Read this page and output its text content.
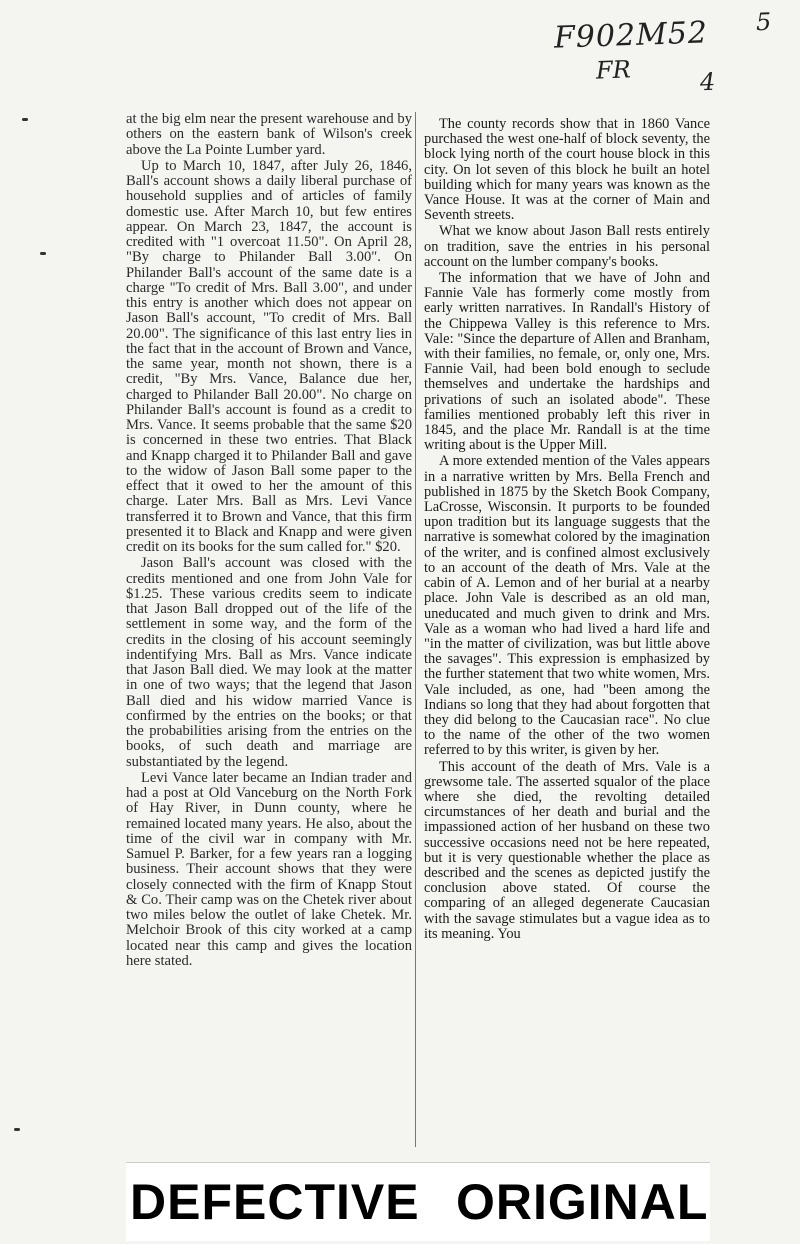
F902M52
FR
5
4

at the big elm near the present warehouse and by others on the eastern bank of Wilson's creek above the La Pointe Lumber yard.

Up to March 10, 1847, after July 26, 1846, Ball's account shows a daily liberal purchase of household supplies and of articles of family domestic use. After March 10, but few entires appear. On March 23, 1847, the account is credited with "1 overcoat 11.50". On April 28, "By charge to Philander Ball 3.00". On Philander Ball's account of the same date is a charge "To credit of Mrs. Ball 3.00", and under this entry is another which does not appear on Jason Ball's account, "To credit of Mrs. Ball 20.00". The significance of this last entry lies in the fact that in the account of Brown and Vance, the same year, month not shown, there is a credit, "By Mrs. Vance, Balance due her, charged to Philander Ball 20.00". No charge on Philander Ball's account is found as a credit to Mrs. Vance. It seems probable that the same $20 is concerned in these two entries. That Black and Knapp charged it to Philander Ball and gave to the widow of Jason Ball some paper to the effect that it owed to her the amount of this charge. Later Mrs. Ball as Mrs. Levi Vance transferred it to Brown and Vance, that this firm presented it to Black and Knapp and were given credit on its books for the sum called for." $20.

Jason Ball's account was closed with the credits mentioned and one from John Vale for $1.25. These various credits seem to indicate that Jason Ball dropped out of the life of the settlement in some way, and the form of the credits in the closing of his account seemingly indentifying Mrs. Ball as Mrs. Vance indicate that Jason Ball died. We may look at the matter in one of two ways; that the legend that Jason Ball died and his widow married Vance is confirmed by the entries on the books; or that the probabilities arising from the entries on the books, of such death and marriage are substantiated by the legend.

Levi Vance later became an Indian trader and had a post at Old Vanceburg on the North Fork of Hay River, in Dunn county, where he remained located many years. He also, about the time of the civil war in company with Mr. Samuel P. Barker, for a few years ran a logging business. Their account shows that they were closely connected with the firm of Knapp Stout & Co. Their camp was on the Chetek river about two miles below the outlet of lake Chetek. Mr. Melchoir Brook of this city worked at a camp located near this camp and gives the location here stated.

The county records show that in 1860 Vance purchased the west one-half of block seventy, the block lying north of the court house block in this city. On lot seven of this block he built an hotel building which for many years was known as the Vance House. It was at the corner of Main and Seventh streets.

What we know about Jason Ball rests entirely on tradition, save the entries in his personal account on the lumber company's books.

The information that we have of John and Fannie Vale has formerly come mostly from early written narratives. In Randall's History of the Chippewa Valley is this reference to Mrs. Vale: "Since the departure of Allen and Branham, with their families, no female, or, only one, Mrs. Fannie Vail, had been bold enough to seclude themselves and undertake the hardships and privations of such an isolated abode". These families mentioned probably left this river in 1845, and the place Mr. Randall is at the time writing about is the Upper Mill.

A more extended mention of the Vales appears in a narrative written by Mrs. Bella French and published in 1875 by the Sketch Book Company, LaCrosse, Wisconsin. It purports to be founded upon tradition but its language suggests that the narrative is somewhat colored by the imagination of the writer, and is confined almost exclusively to an account of the death of Mrs. Vale at the cabin of A. Lemon and of her burial at a nearby place. John Vale is described as an old man, uneducated and much given to drink and Mrs. Vale as a woman who had lived a hard life and "in the matter of civilization, was but little above the savages". This expression is emphasized by the further statement that two white women, Mrs. Vale included, as one, had "been among the Indians so long that they had about forgotten that they did belong to the Caucasian race". No clue to the name of the other of the two women referred to by this writer, is given by her.

This account of the death of Mrs. Vale is a grewsome tale. The asserted squalor of the place where she died, the revolting detailed circumstances of her death and burial and the impassioned action of her husband on these two successive occasions need not be here repeated, but it is very questionable whether the place as described and the scenes as depicted justify the conclusion above stated. Of course the comparing of an alleged degenerate Caucasian with the savage stimulates but a vague idea as to its meaning. You

DEFECTIVE ORIGINAL
